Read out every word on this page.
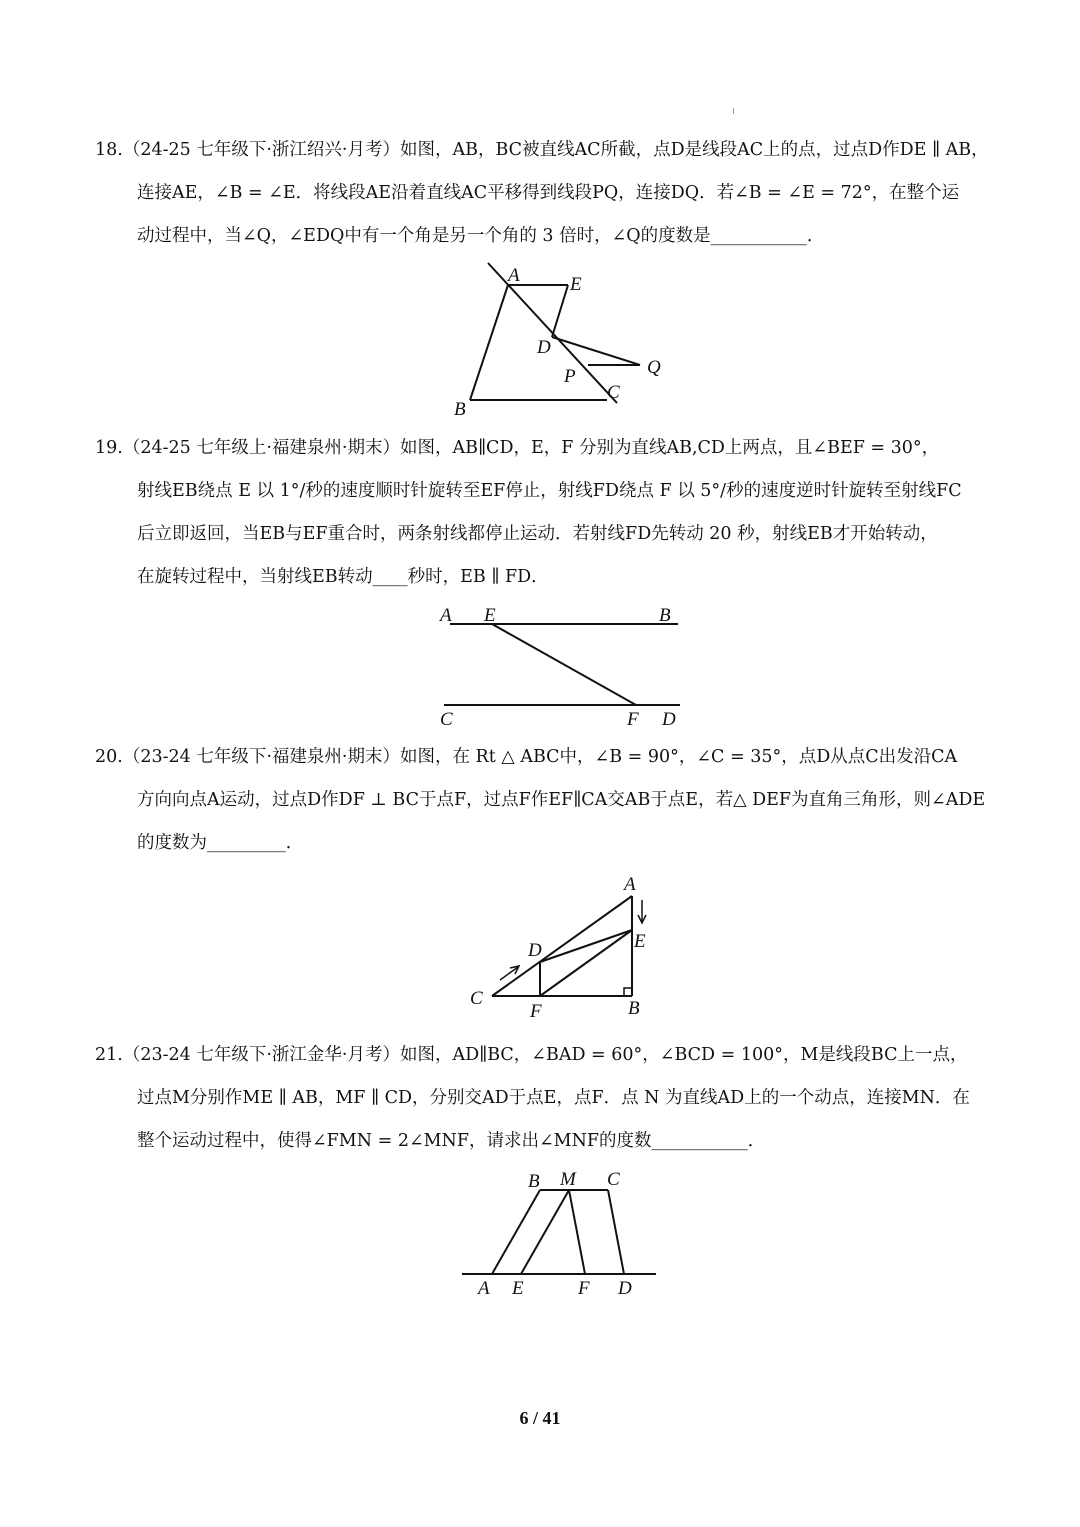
18.（24-25 七年级下·浙江绍兴·月考）如图，AB，BC被直线AC所截，点D是线段AC上的点，过点D作DE ∥ AB，
连接AE，∠B = ∠E．将线段AE沿着直线AC平移得到线段PQ，连接DQ．若∠B = ∠E = 72°，在整个运
动过程中，当∠Q，∠EDQ中有一个角是另一个角的 3 倍时，∠Q的度数是___________．
A	E
D
Q
P
C
B
19.（24-25 七年级上·福建泉州·期末）如图，AB∥CD，E，F 分别为直线AB,CD上两点，且∠BEF = 30°，
射线EB绕点 E 以 1°/秒的速度顺时针旋转至EF停止，射线FD绕点 F 以 5°/秒的速度逆时针旋转至射线FC
后立即返回，当EB与EF重合时，两条射线都停止运动．若射线FD先转动 20 秒，射线EB才开始转动，
在旋转过程中，当射线EB转动____秒时，EB ∥ FD．
A E	B
C	F D
20.（23-24 七年级下·福建泉州·期末）如图，在 Rt △ ABC中，∠B = 90°，∠C = 35°，点D从点C出发沿CA
方向向点A运动，过点D作DF ⊥ BC于点F，过点F作EF∥CA交AB于点E，若△ DEF为直角三角形，则∠ADE
的度数为_________．
A
D	E
C
F	B
21.（23-24 七年级下·浙江金华·月考）如图，AD∥BC，∠BAD = 60°，∠BCD = 100°，M是线段BC上一点，
过点M分别作ME ∥ AB，MF ∥ CD，分别交AD于点E，点F．点 N 为直线AD上的一个动点，连接MN．在
整个运动过程中，使得∠FMN = 2∠MNF，请求出∠MNF的度数___________．
B M C
A E	F D
6 / 41
